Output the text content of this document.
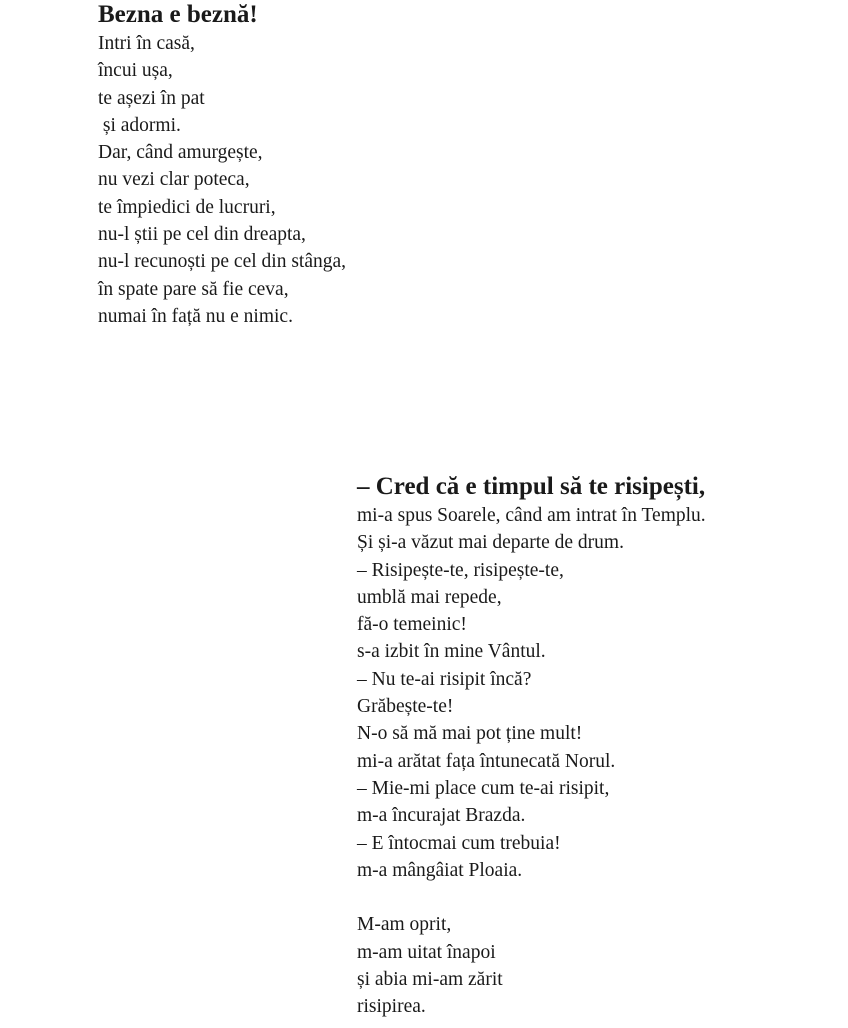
Bezna e beznă!
Intri în casă,
încui ușa,
te așezi în pat
și adormi.
Dar, când amurgește,
nu vezi clar poteca,
te împiedici de lucruri,
nu-l știi pe cel din dreapta,
nu-l recunoști pe cel din stânga,
în spate pare să fie ceva,
numai în față nu e nimic.
– Cred că e timpul să te risipești,
mi-a spus Soarele, când am intrat în Templu.
Și și-a văzut mai departe de drum.
– Risipește-te, risipește-te,
umblă mai repede,
fă-o temeinic!
s-a izbit în mine Vântul.
– Nu te-ai risipit încă?
Grăbește-te!
N-o să mă mai pot ține mult!
mi-a arătat fața întunecată Norul.
– Mie-mi place cum te-ai risipit,
m-a încurajat Brazda.
– E întocmai cum trebuia!
m-a mângâiat Ploaia.
M-am oprit,
m-am uitat înapoi
și abia mi-am zărit
risipirea.
